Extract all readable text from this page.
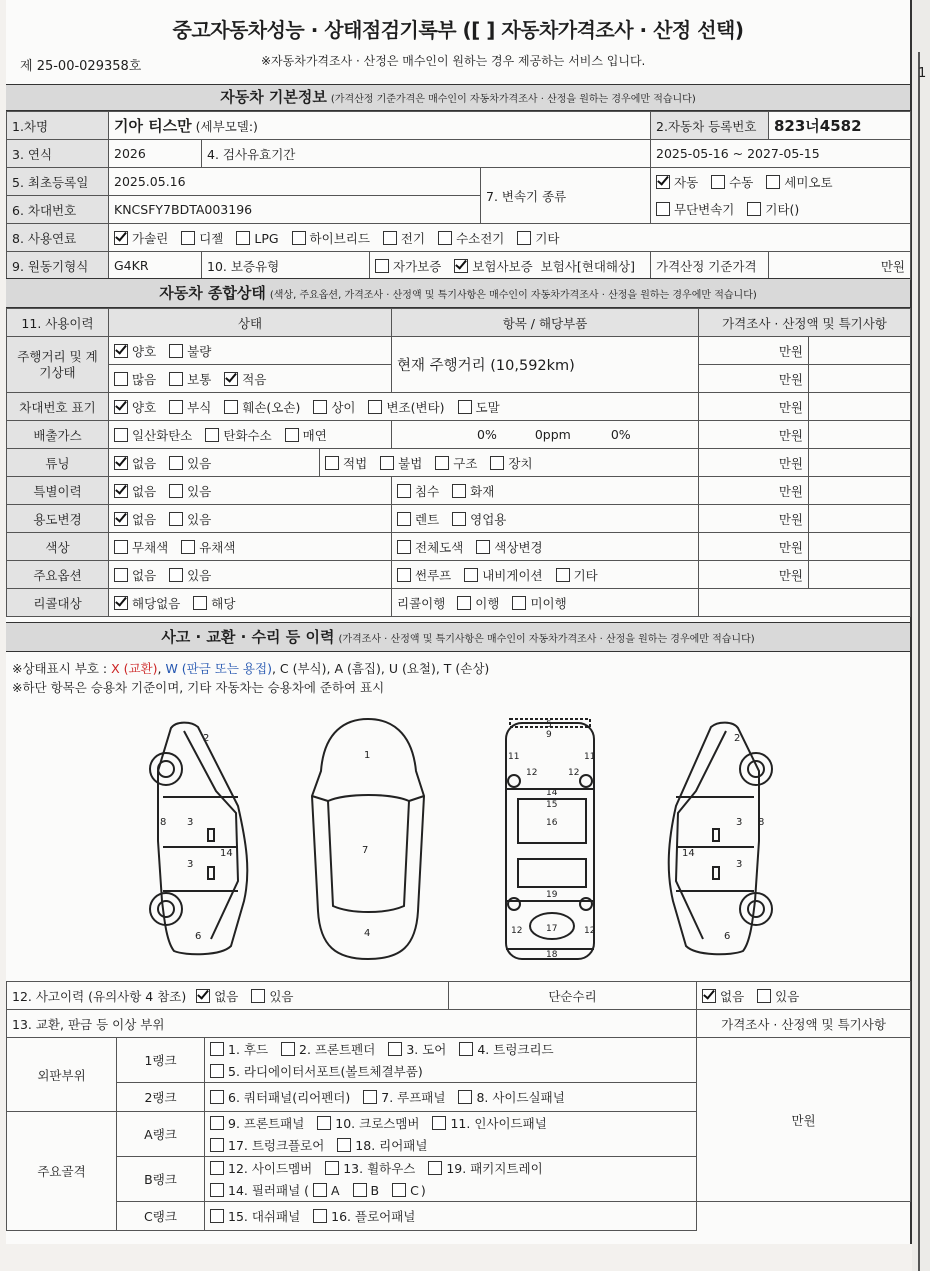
1
중고자동차성능 · 상태점검기록부 ([ ] 자동차가격조사 · 산정 선택)
제 25-00-029358호	※자동차가격조사 · 산정은 매수인이 원하는 경우 제공하는 서비스 입니다.
자동차 기본정보 (가격산정 기준가격은 매수인이 자동차가격조사 · 산정을 원하는 경우에만 적습니다)
1.차명	기아 티스만 (세부모델:)				2.자동차 등록번호	823너4582
3. 연식	2026	4. 검사유효기간			2025-05-16 ~ 2027-05-15	
5. 최초등록일	2025.05.16			7. 변속기 종류	자동 수동 세미오토	
6. 차대번호	KNCSFY7BDTA003196				무단변속기 기타()	
8. 사용연료	가솔린 디젤 LPG 하이브리드 전기 수소전기 기타					
9. 원동기형식	G4KR	10. 보증유형	자가보증 보험사보증 보험사[현대해상]		가격산정 기준가격	만원
자동차 종합상태 (색상, 주요옵션, 가격조사 · 산정액 및 특기사항은 매수인이 자동차가격조사 · 산정을 원하는 경우에만 적습니다)
11. 사용이력	상태		항목 / 해당부품	가격조사 · 산정액 및 특기사항	
주행거리 및 계기상태	양호 불량		현재 주행거리 (10,592km)	만원	
	많음 보통 적음			만원	
차대번호 표기	양호 부식 훼손(오손) 상이 변조(변타) 도말			만원	
배출가스	일산화탄소 탄화수소 매연		0% 0ppm 0%	만원	
튜닝	없음 있음	적법 불법 구조 장치		만원	
특별이력	없음 있음		침수 화재	만원	
용도변경	없음 있음		렌트 영업용	만원	
색상	무채색 유채색		전체도색 색상변경	만원	
주요옵션	없음 있음		썬루프 내비게이션 기타	만원	
리콜대상	해당없음 해당		리콜이행 이행 미이행		
사고 · 교환 · 수리 등 이력 (가격조사 · 산정액 및 특기사항은 매수인이 자동차가격조사 · 산정을 원하는 경우에만 적습니다)
※상태표시 부호 : X (교환), W (판금 또는 용접), C (부식), A (흠집), U (요철), T (손상)
※하단 항목은 승용차 기준이며, 기타 자동차는 승용차에 준하여 표시
2
3
3
8
14
6
1
7
4
5
9
11	11
12	12
14
15
16
19
12	12
17
18
2
3
3
8
14
6
12. 사고이력 (유의사항 4 참조) 없음 있음			단순수리	없음 있음
13. 교환, 판금 등 이상 부위				가격조사 · 산정액 및 특기사항
외판부위	1랭크	1. 후드 2. 프론트펜더 3. 도어 4. 트렁크리드		만원
		5. 라디에이터서포트(볼트체결부품)		
	2랭크	6. 쿼터패널(리어펜더) 7. 루프패널 8. 사이드실패널		
주요골격	A랭크	9. 프론트패널 10. 크로스멤버 11. 인사이드패널		
		17. 트렁크플로어 18. 리어패널		
	B랭크	12. 사이드멤버 13. 휠하우스 19. 패키지트레이		
		14. 필러패널 ( A B C )		
	C랭크	15. 대쉬패널 16. 플로어패널		
